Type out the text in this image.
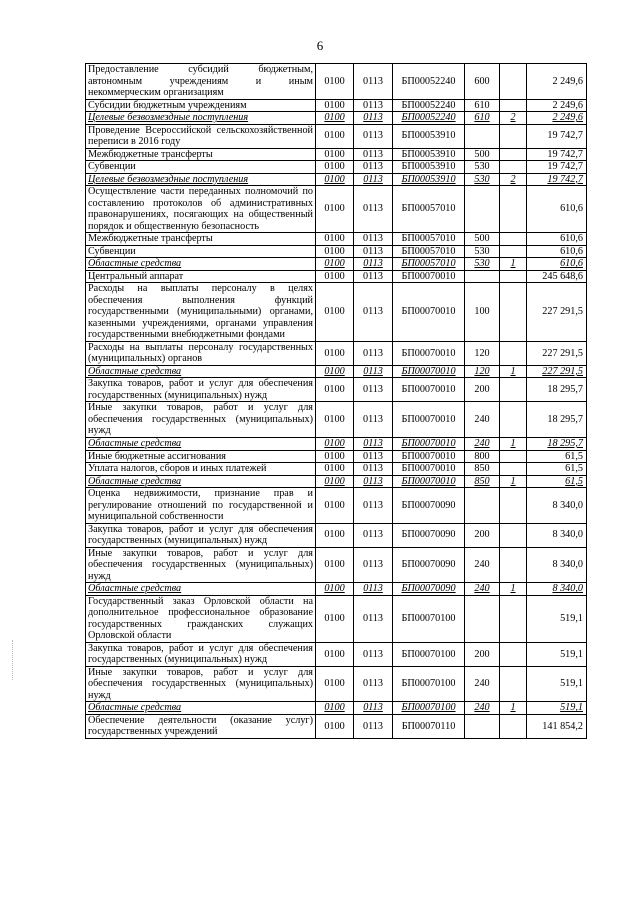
6
Предоставление субсидий бюджетным, автономным учреждениям и иным некоммерческим организациям	0100	0113	БП00052240	600		2 249,6
Субсидии бюджетным учреждениям	0100	0113	БП00052240	610		2 249,6
Целевые безвозмездные поступления	0100	0113	БП00052240	610	2	2 249,6
Проведение Всероссийской сельскохозяйственной переписи в 2016 году	0100	0113	БП00053910			19 742,7
Межбюджетные трансферты	0100	0113	БП00053910	500		19 742,7
Субвенции	0100	0113	БП00053910	530		19 742,7
Целевые безвозмездные поступления	0100	0113	БП00053910	530	2	19 742,7
Осуществление части переданных полномочий по составлению протоколов об административных правонарушениях, посягающих на общественный порядок и общественную безопасность	0100	0113	БП00057010			610,6
Межбюджетные трансферты	0100	0113	БП00057010	500		610,6
Субвенции	0100	0113	БП00057010	530		610,6
Областные средства	0100	0113	БП00057010	530	1	610,6
Центральный аппарат	0100	0113	БП00070010			245 648,6
Расходы на выплаты персоналу в целях обеспечения выполнения функций государственными (муниципальными) органами, казенными учреждениями, органами управления государственными внебюджетными фондами	0100	0113	БП00070010	100		227 291,5
Расходы на выплаты персоналу государственных (муниципальных) органов	0100	0113	БП00070010	120		227 291,5
Областные средства	0100	0113	БП00070010	120	1	227 291,5
Закупка товаров, работ и услуг для обеспечения государственных (муниципальных) нужд	0100	0113	БП00070010	200		18 295,7
Иные закупки товаров, работ и услуг для обеспечения государственных (муниципальных) нужд	0100	0113	БП00070010	240		18 295,7
Областные средства	0100	0113	БП00070010	240	1	18 295,7
Иные бюджетные ассигнования	0100	0113	БП00070010	800		61,5
Уплата налогов, сборов и иных платежей	0100	0113	БП00070010	850		61,5
Областные средства	0100	0113	БП00070010	850	1	61,5
Оценка недвижимости, признание прав и регулирование отношений по государственной и муниципальной собственности	0100	0113	БП00070090			8 340,0
Закупка товаров, работ и услуг для обеспечения государственных (муниципальных) нужд	0100	0113	БП00070090	200		8 340,0
Иные закупки товаров, работ и услуг для обеспечения государственных (муниципальных) нужд	0100	0113	БП00070090	240		8 340,0
Областные средства	0100	0113	БП00070090	240	1	8 340,0
Государственный заказ Орловской области на дополнительное профессиональное образование государственных гражданских служащих Орловской области	0100	0113	БП00070100			519,1
Закупка товаров, работ и услуг для обеспечения государственных (муниципальных) нужд	0100	0113	БП00070100	200		519,1
Иные закупки товаров, работ и услуг для обеспечения государственных (муниципальных) нужд	0100	0113	БП00070100	240		519,1
Областные средства	0100	0113	БП00070100	240	1	519,1
Обеспечение деятельности (оказание услуг) государственных учреждений	0100	0113	БП00070110			141 854,2
